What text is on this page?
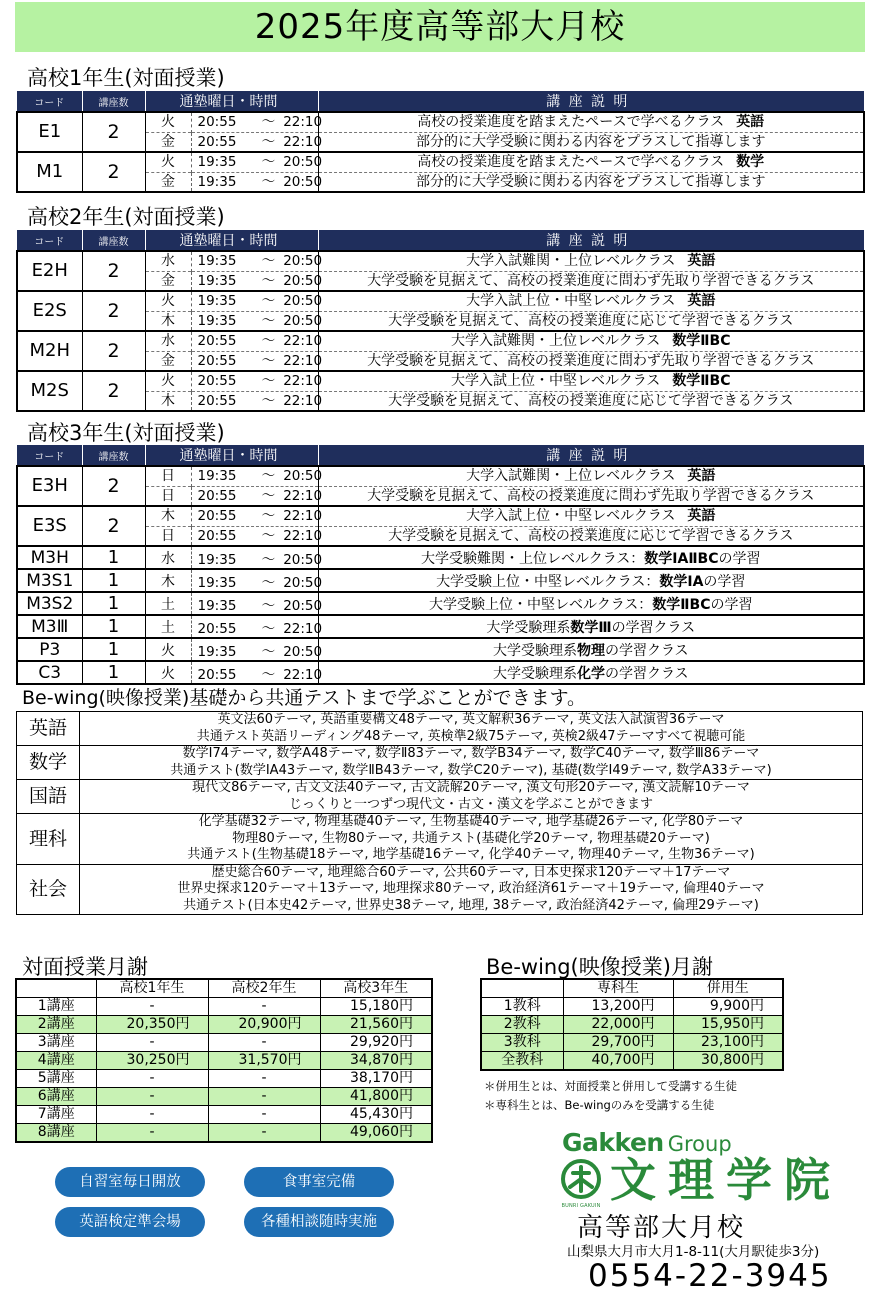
2025年度高等部大月校
高校1年生(対面授業)
コード	講座数	通塾曜日・時間		講座説明
E1	2	火	20:55 ～ 22:10	高校の授業進度を踏まえたペースで学べるクラス 英語
		金	20:55 ～ 22:10	部分的に大学受験に関わる内容をプラスして指導します
M1	2	火	19:35 ～ 20:50	高校の授業進度を踏まえたペースで学べるクラス 数学
		金	19:35 ～ 20:50	部分的に大学受験に関わる内容をプラスして指導します
高校2年生(対面授業)
コード	講座数	通塾曜日・時間		講座説明
E2H	2	水	19:35 ～ 20:50	大学入試難関・上位レベルクラス 英語
		金	19:35 ～ 20:50	大学受験を見据えて、高校の授業進度に問わず先取り学習できるクラス
E2S	2	火	19:35 ～ 20:50	大学入試上位・中堅レベルクラス 英語
		木	19:35 ～ 20:50	大学受験を見据えて、高校の授業進度に応じて学習できるクラス
M2H	2	水	20:55 ～ 22:10	大学入試難関・上位レベルクラス 数学ⅡBC
		金	20:55 ～ 22:10	大学受験を見据えて、高校の授業進度に問わず先取り学習できるクラス
M2S	2	火	20:55 ～ 22:10	大学入試上位・中堅レベルクラス 数学ⅡBC
		木	20:55 ～ 22:10	大学受験を見据えて、高校の授業進度に応じて学習できるクラス
高校3年生(対面授業)
コード	講座数	通塾曜日・時間		講座説明
E3H	2	日	19:35 ～ 20:50	大学入試難関・上位レベルクラス 英語
		日	20:55 ～ 22:10	大学受験を見据えて、高校の授業進度に問わず先取り学習できるクラス
E3S	2	木	20:55 ～ 22:10	大学入試上位・中堅レベルクラス 英語
		日	20:55 ～ 22:10	大学受験を見据えて、高校の授業進度に応じて学習できるクラス
M3H	1	水	19:35 ～ 20:50	大学受験難関・上位レベルクラス：数学ⅠAⅡBCの学習
M3S1	1	木	19:35 ～ 20:50	大学受験上位・中堅レベルクラス：数学ⅠAの学習
M3S2	1	土	19:35 ～ 20:50	大学受験上位・中堅レベルクラス：数学ⅡBCの学習
M3Ⅲ	1	土	20:55 ～ 22:10	大学受験理系数学Ⅲの学習クラス
P3	1	火	19:35 ～ 20:50	大学受験理系物理の学習クラス
C3	1	火	20:55 ～ 22:10	大学受験理系化学の学習クラス
Be-wing(映像授業)基礎から共通テストまで学ぶことができます。
英語	英文法60テーマ, 英語重要構文48テーマ, 英文解釈36テーマ, 英文法入試演習36テーマ
共通テスト英語リーディング48テーマ, 英検準2級75テーマ, 英検2級47テーマすべて視聴可能

数学	数学Ⅰ74テーマ, 数学A48テーマ, 数学Ⅱ83テーマ, 数学B34テーマ, 数学C40テーマ, 数学Ⅲ86テーマ
共通テスト(数学ⅠA43テーマ, 数学ⅡB43テーマ, 数学C20テーマ), 基礎(数学Ⅰ49テーマ, 数学A33テーマ)

国語	現代文86テーマ, 古文文法40テーマ, 古文読解20テーマ, 漢文句形20テーマ, 漢文読解10テーマ
じっくりと一つずつ現代文・古文・漢文を学ぶことができます

理科	化学基礎32テーマ, 物理基礎40テーマ, 生物基礎40テーマ, 地学基礎26テーマ, 化学80テーマ
物理80テーマ, 生物80テーマ, 共通テスト(基礎化学20テーマ, 物理基礎20テーマ)
共通テスト(生物基礎18テーマ, 地学基礎16テーマ, 化学40テーマ, 物理40テーマ, 生物36テーマ)

社会	歴史総合60テーマ, 地理総合60テーマ, 公共60テーマ, 日本史探求120テーマ＋17テーマ
世界史探求120テーマ＋13テーマ, 地理探求80テーマ, 政治経済61テーマ＋19テーマ, 倫理40テーマ
共通テスト(日本史42テーマ, 世界史38テーマ, 地理, 38テーマ, 政治経済42テーマ, 倫理29テーマ)
対面授業月謝
	高校1年生	高校2年生	高校3年生
1講座	-	-	15,180円
2講座	20,350円	20,900円	21,560円
3講座	-	-	29,920円
4講座	30,250円	31,570円	34,870円
5講座	-	-	38,170円
6講座	-	-	41,800円
7講座	-	-	45,430円
8講座	-	-	49,060円
Be-wing(映像授業)月謝
	専科生	併用生
1教科	13,200円	9,900円
2教科	22,000円	15,950円
3教科	29,700円	23,100円
全教科	40,700円	30,800円
＊併用生とは、対面授業と併用して受講する生徒
＊専科生とは、Be-wingのみを受講する生徒
自習室毎日開放	食事室完備
英語検定準会場	各種相談随時実施
Gakken Group
BUNRI GAKUIN 文理学院
高等部大月校
山梨県大月市大月1-8-11(大月駅徒歩3分)
0554-22-3945
